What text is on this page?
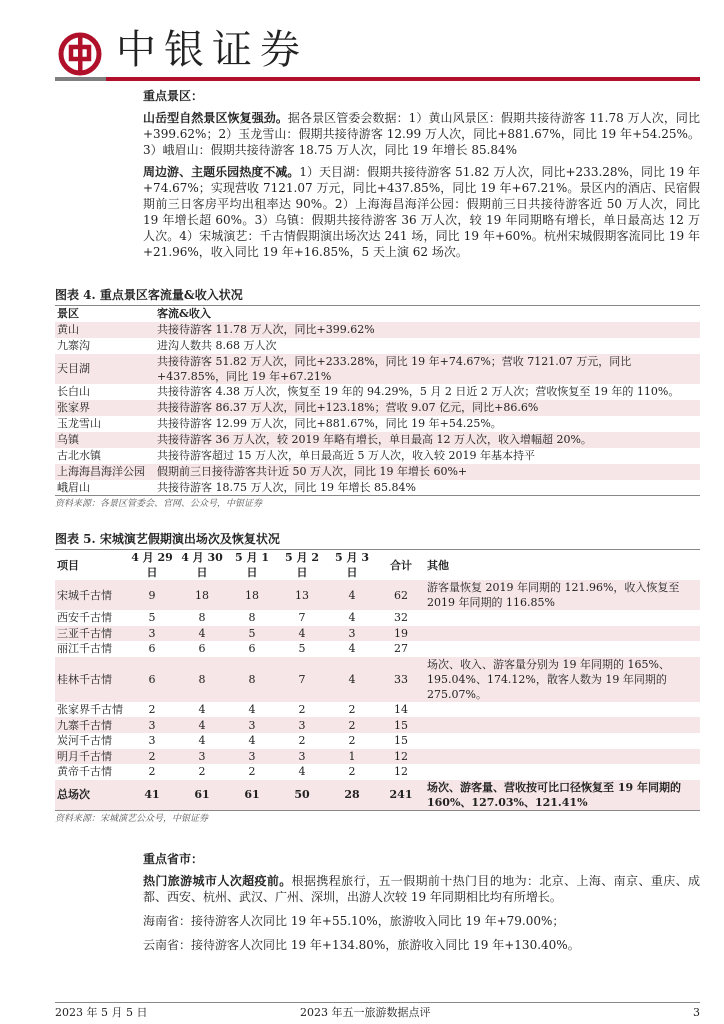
中银证券
重点景区：
山岳型自然景区恢复强劲。据各景区管委会数据：1）黄山风景区：假期共接待游客 11.78 万人次，同比+399.62%；2）玉龙雪山：假期共接待游客 12.99 万人次，同比+881.67%，同比 19 年+54.25%。3）峨眉山：假期共接待游客 18.75 万人次，同比 19 年增长 85.84%
周边游、主题乐园热度不减。1）天目湖：假期共接待游客 51.82 万人次，同比+233.28%，同比 19 年+74.67%；实现营收 7121.07 万元，同比+437.85%，同比 19 年+67.21%。景区内的酒店、民宿假期前三日客房平均出租率达 90%。2）上海海昌海洋公园：假期前三日共接待游客近 50 万人次，同比 19 年增长超 60%。3）乌镇：假期共接待游客 36 万人次，较 19 年同期略有增长，单日最高达 12 万人次。4）宋城演艺：千古情假期演出场次达 241 场，同比 19 年+60%。杭州宋城假期客流同比 19 年+21.96%，收入同比 19 年+16.85%，5 天上演 62 场次。
图表 4. 重点景区客流量&收入状况
景区	客流&收入
黄山	共接待游客 11.78 万人次，同比+399.62%
九寨沟	进沟人数共 8.68 万人次
天目湖	共接待游客 51.82 万人次，同比+233.28%，同比 19 年+74.67%；营收 7121.07 万元，同比+437.85%，同比 19 年+67.21%
长白山	共接待游客 4.38 万人次，恢复至 19 年的 94.29%，5 月 2 日近 2 万人次；营收恢复至 19 年的 110%。
张家界	共接待游客 86.37 万人次，同比+123.18%；营收 9.07 亿元，同比+86.6%
玉龙雪山	共接待游客 12.99 万人次，同比+881.67%，同比 19 年+54.25%。
乌镇	共接待游客 36 万人次，较 2019 年略有增长，单日最高 12 万人次，收入增幅超 20%。
古北水镇	共接待游客超过 15 万人次，单日最高近 5 万人次，收入较 2019 年基本持平
上海海昌海洋公园	假期前三日接待游客共计近 50 万人次，同比 19 年增长 60%+
峨眉山	共接待游客 18.75 万人次，同比 19 年增长 85.84%
资料来源：各景区管委会、官网、公众号，中银证券
图表 5. 宋城演艺假期演出场次及恢复状况
项目	4 月 29 日	4 月 30 日	5 月 1 日	5 月 2 日	5 月 3 日	合计	其他
宋城千古情	9	18	18	13	4	62	游客量恢复 2019 年同期的 121.96%，收入恢复至 2019 年同期的 116.85%
西安千古情	5	8	8	7	4	32	
三亚千古情	3	4	5	4	3	19	
丽江千古情	6	6	6	5	4	27	
桂林千古情	6	8	8	7	4	33	场次、收入、游客量分别为 19 年同期的 165%、195.04%、174.12%，散客人数为 19 年同期的 275.07%。
张家界千古情	2	4	4	2	2	14	
九寨千古情	3	4	3	3	2	15	
炭河千古情	3	4	4	2	2	15	
明月千古情	2	3	3	3	1	12	
黄帝千古情	2	2	2	4	2	12	
总场次	41	61	61	50	28	241	场次、游客量、营收按可比口径恢复至 19 年同期的 160%、127.03%、121.41%
资料来源：宋城演艺公众号，中银证券
重点省市：
热门旅游城市人次超疫前。根据携程旅行，五一假期前十热门目的地为：北京、上海、南京、重庆、成都、西安、杭州、武汉、广州、深圳，出游人次较 19 年同期相比均有所增长。
海南省：接待游客人次同比 19 年+55.10%，旅游收入同比 19 年+79.00%；
云南省：接待游客人次同比 19 年+134.80%，旅游收入同比 19 年+130.40%。
2023 年 5 月 5 日	2023 年五一旅游数据点评	3
